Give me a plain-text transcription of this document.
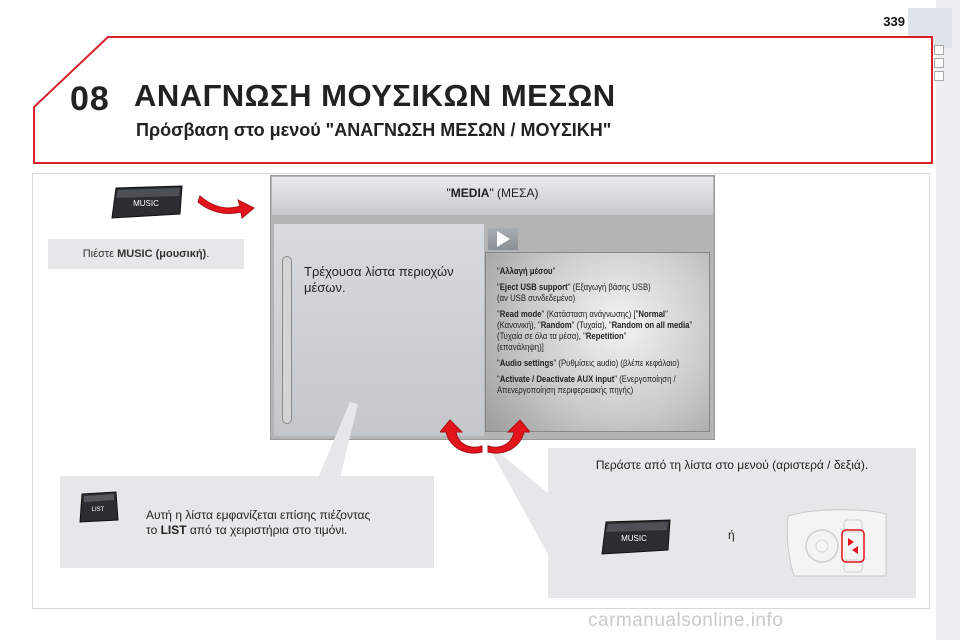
339
08 ΑΝΑΓΝΩΣΗ ΜΟΥΣΙΚΩΝ ΜΕΣΩΝ
Πρόσβαση στο μενού "ΑΝΑΓΝΩΣΗ ΜΕΣΩΝ / ΜΟΥΣΙΚΗ"
MUSIC
Πιέστε MUSIC (μουσική).
"MEDIA" (ΜΕΣΑ)
Τρέχουσα λίστα περιοχών μέσων.
"Αλλαγή μέσου"
"Eject USB support" (Εξαγωγή βάσης USB)
(αν USB συνδεδεμένο)
"Read mode" (Κατάσταση ανάγνωσης) ["Normal"
(Κανονική), "Random" (Τυχαία), "Random on all media" (Τυχαία σε όλα τα μέσα), "Repetition"
(επανάληψη)]
"Audio settings" (Ρυθμίσεις audio) (βλέπε κεφάλαιο)
"Activate / Deactivate AUX input" (Ενεργοποίηση / Απενεργοποίηση περιφερειακής πηγής)
LIST	Αυτή η λίστα εμφανίζεται επίσης πιέζοντας
το LIST από τα χειριστήρια στο τιμόνι.
Περάστε από τη λίστα στο μενού (αριστερά / δεξιά).
MUSIC	ή
carmanualsonline.info
